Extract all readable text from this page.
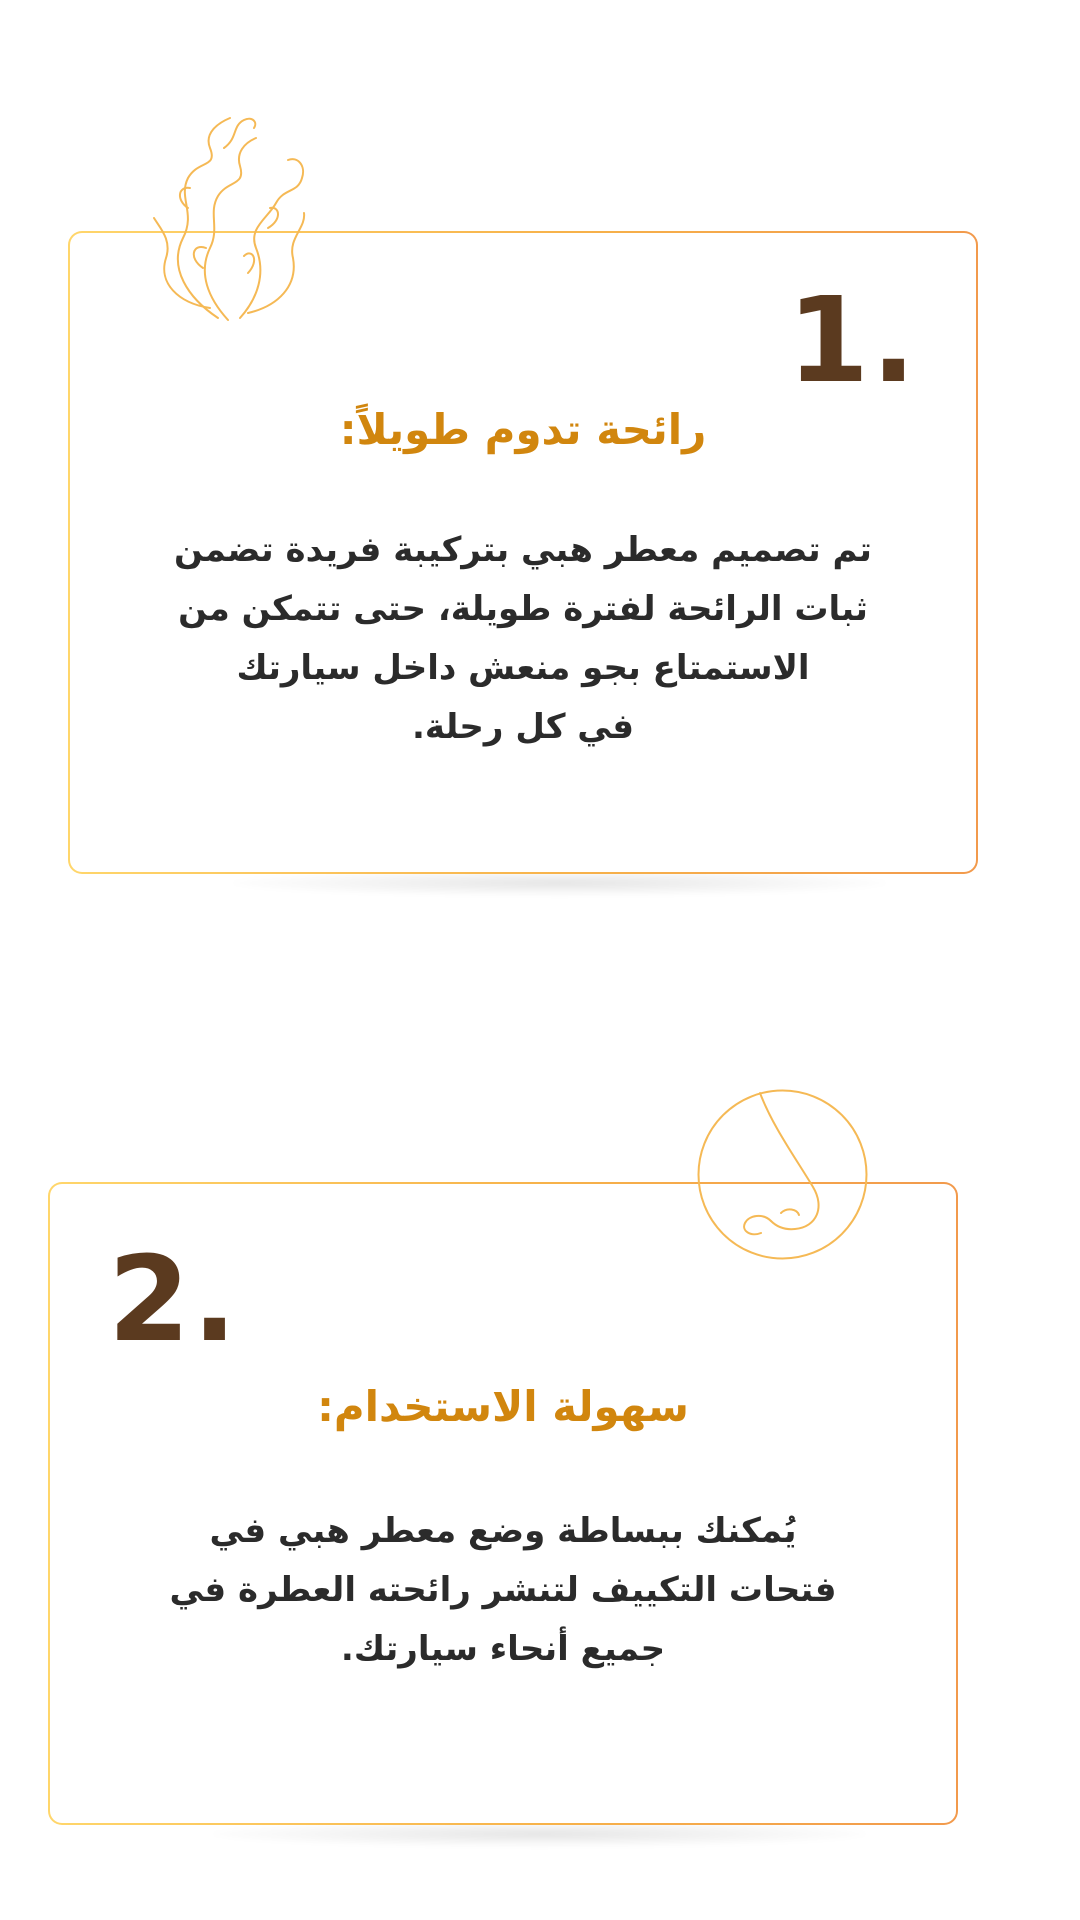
1.
رائحة تدوم طويلاً:
تم تصميم معطر هبي بتركيبة فريدة تضمن
ثبات الرائحة لفترة طويلة، حتى تتمكن من
الاستمتاع بجو منعش داخل سيارتك
في كل رحلة.
2.
سهولة الاستخدام:
يُمكنك ببساطة وضع معطر هبي في
فتحات التكييف لتنشر رائحته العطرة في
جميع أنحاء سيارتك.
